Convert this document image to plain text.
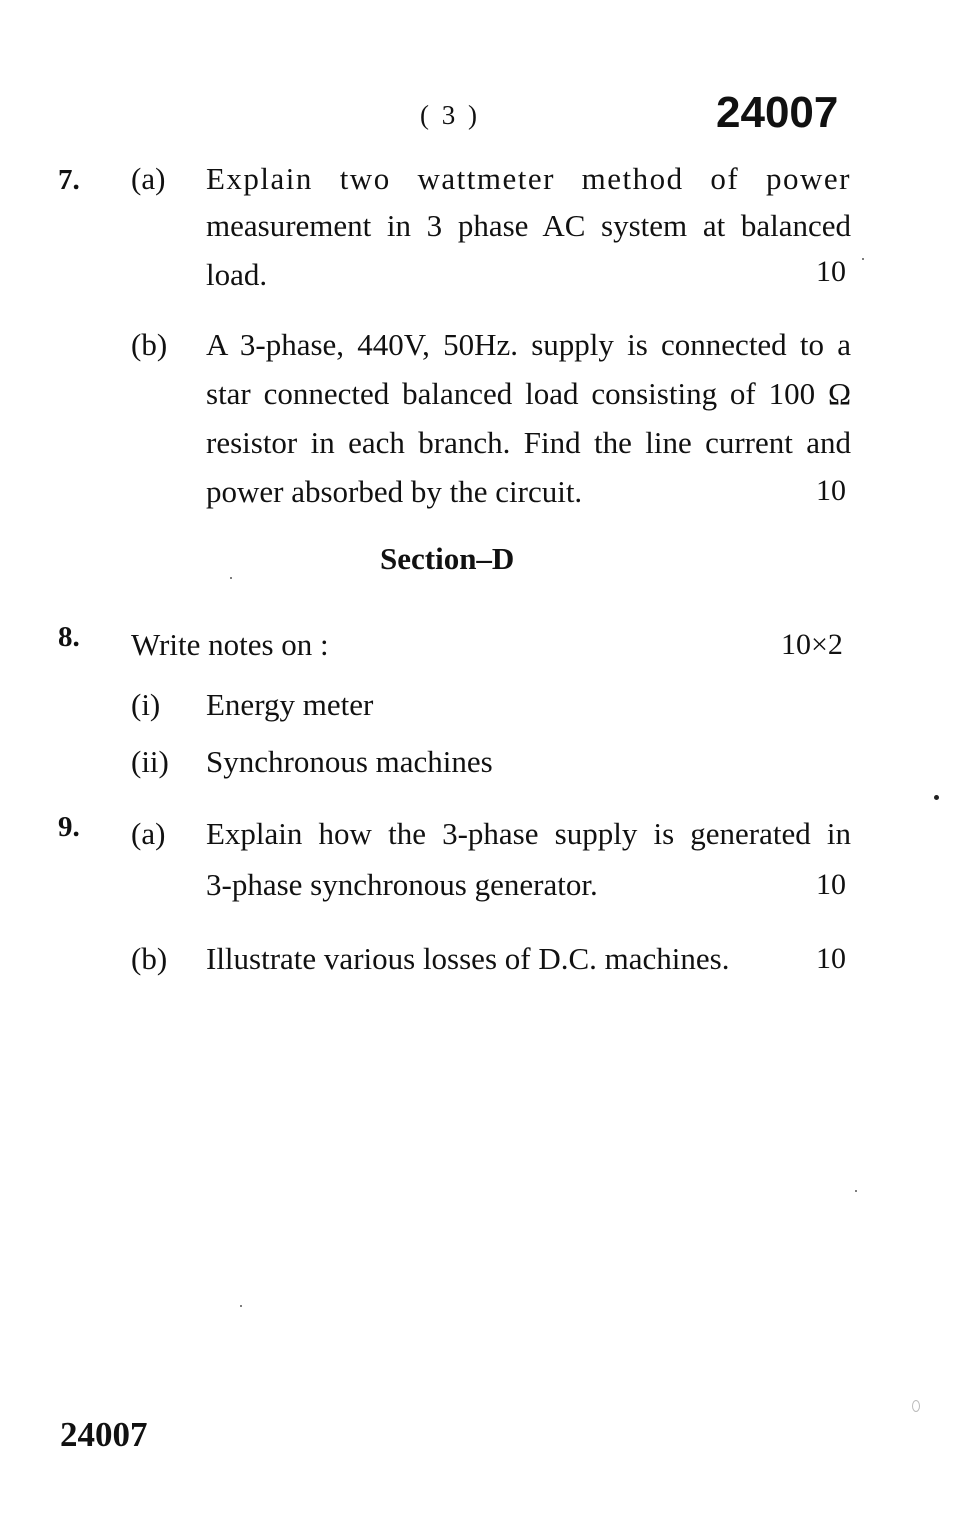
( 3 )	24007
7. (a) Explain two wattmeter method of power
measurement in 3 phase AC system at balanced
load.	10
(b) A 3-phase, 440V, 50Hz. supply is connected to a
star connected balanced load consisting of 100 Ω
resistor in each branch. Find the line current and
power absorbed by the circuit.	10
Section–D
8. Write notes on :	10×2
(i) Energy meter
(ii) Synchronous machines
9. (a) Explain how the 3-phase supply is generated in
3-phase synchronous generator.	10
(b) Illustrate various losses of D.C. machines.	10
24007
